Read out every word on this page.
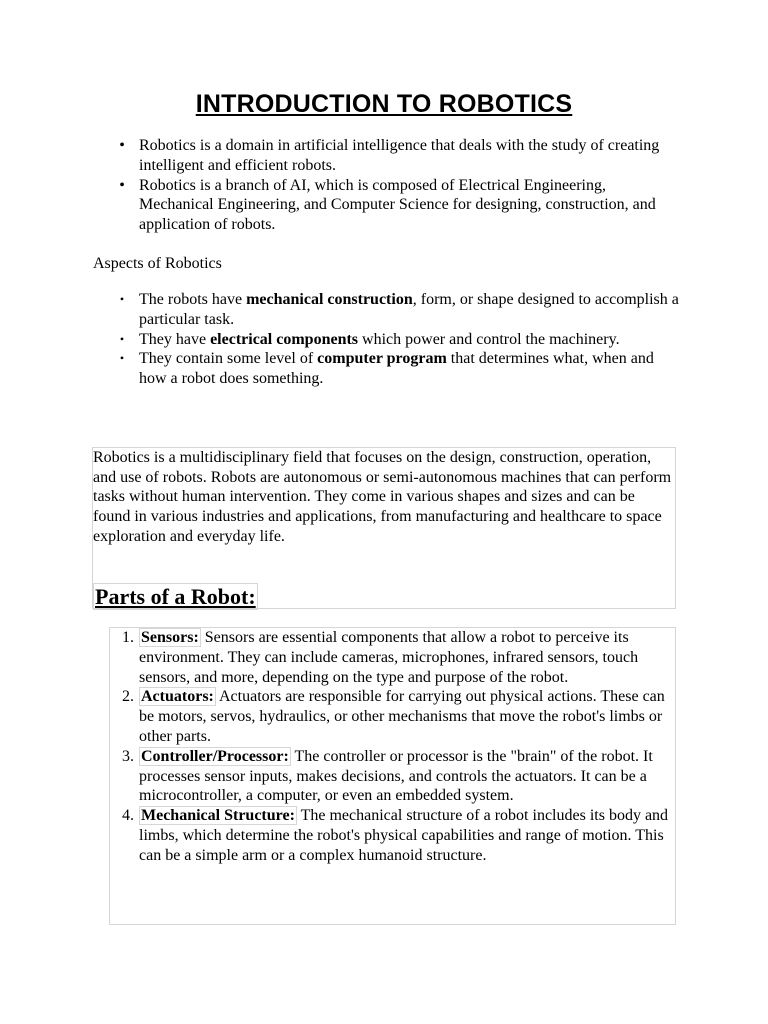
INTRODUCTION TO ROBOTICS
• Robotics is a domain in artificial intelligence that deals with the study of creating intelligent and efficient robots.
• Robotics is a branch of AI, which is composed of Electrical Engineering, Mechanical Engineering, and Computer Science for designing, construction, and application of robots.
Aspects of Robotics
• The robots have mechanical construction, form, or shape designed to accomplish a particular task.
• They have electrical components which power and control the machinery.
• They contain some level of computer program that determines what, when and how a robot does something.
Robotics is a multidisciplinary field that focuses on the design, construction, operation, and use of robots. Robots are autonomous or semi-autonomous machines that can perform tasks without human intervention. They come in various shapes and sizes and can be found in various industries and applications, from manufacturing and healthcare to space exploration and everyday life.
Parts of a Robot:
1. Sensors: Sensors are essential components that allow a robot to perceive its environment. They can include cameras, microphones, infrared sensors, touch sensors, and more, depending on the type and purpose of the robot.
2. Actuators: Actuators are responsible for carrying out physical actions. These can be motors, servos, hydraulics, or other mechanisms that move the robot's limbs or other parts.
3. Controller/Processor: The controller or processor is the "brain" of the robot. It processes sensor inputs, makes decisions, and controls the actuators. It can be a microcontroller, a computer, or even an embedded system.
4. Mechanical Structure: The mechanical structure of a robot includes its body and limbs, which determine the robot's physical capabilities and range of motion. This can be a simple arm or a complex humanoid structure.
